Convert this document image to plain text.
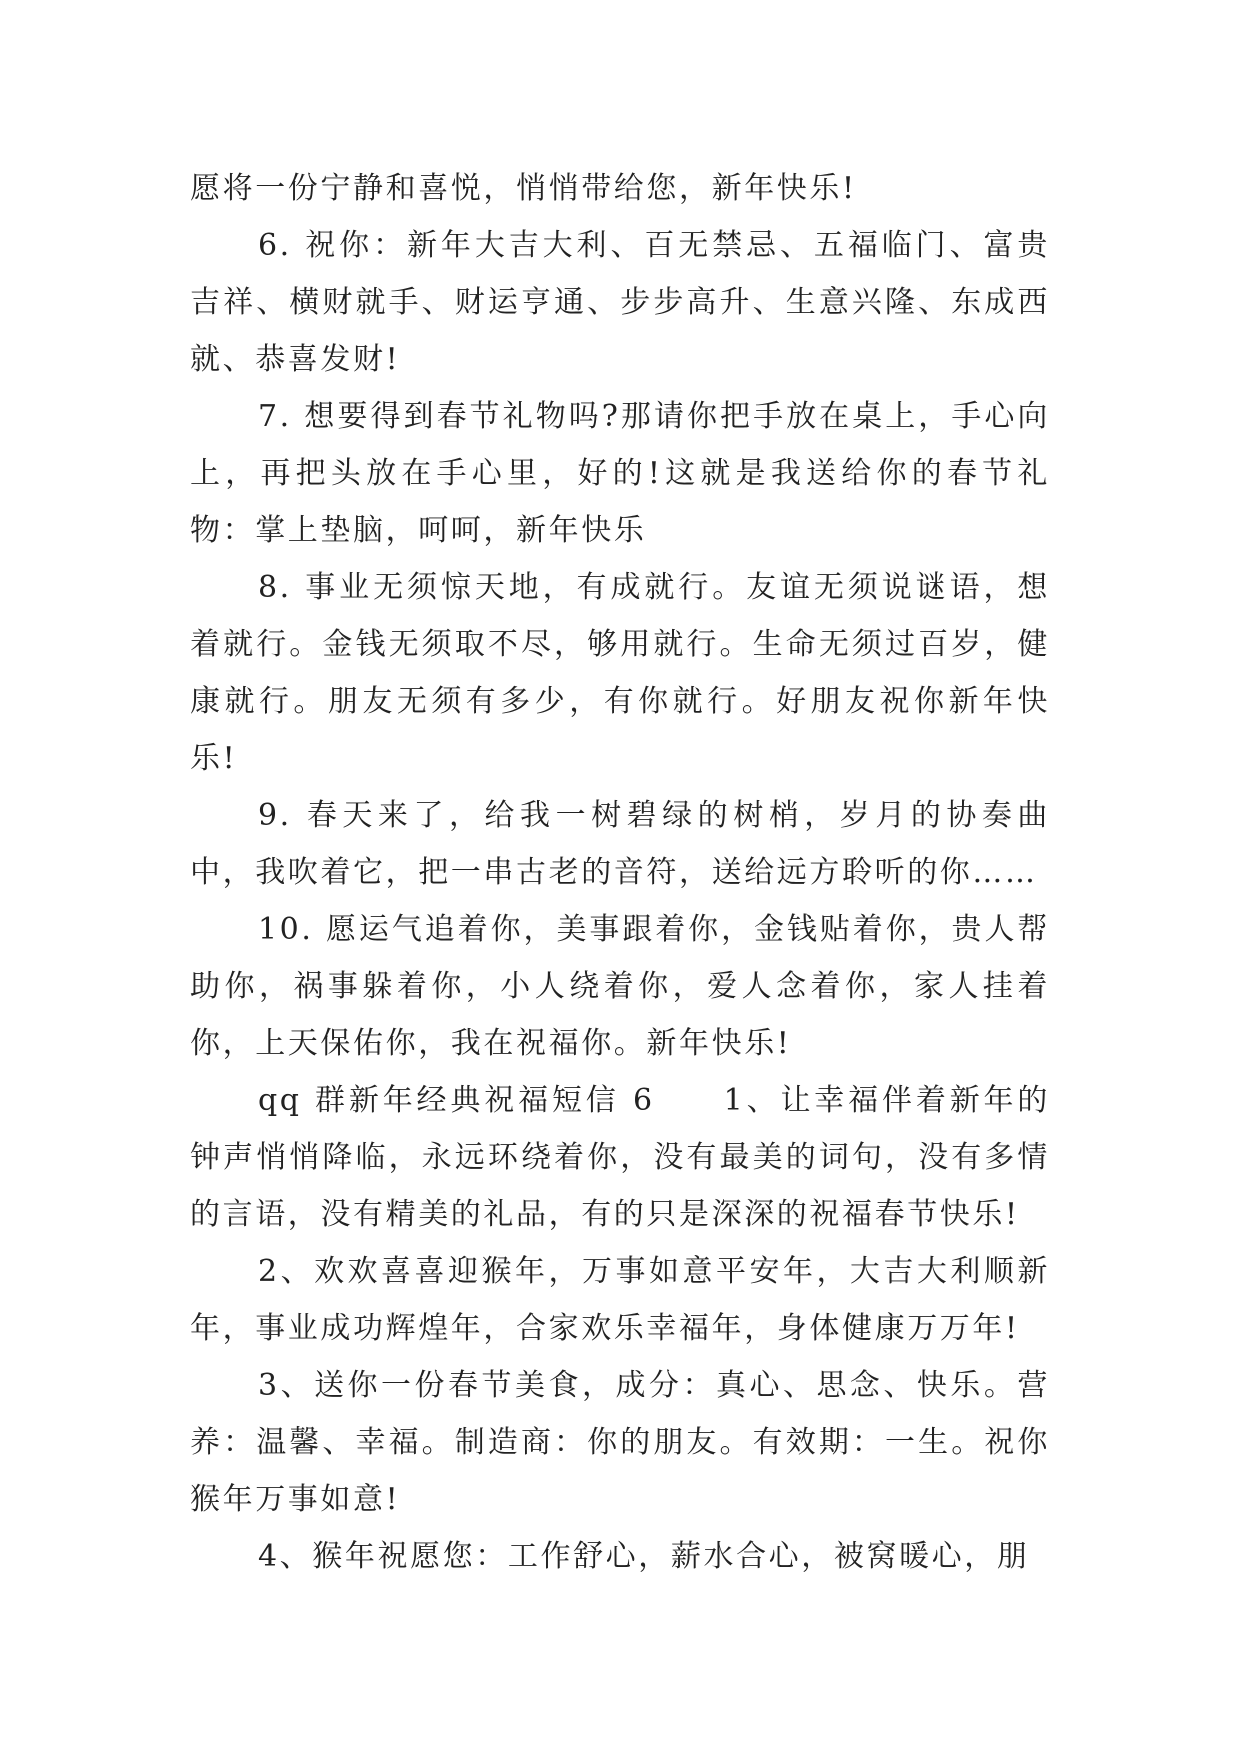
愿将一份宁静和喜悦，悄悄带给您，新年快乐!

6. 祝你：新年大吉大利、百无禁忌、五福临门、富贵吉祥、横财就手、财运亨通、步步高升、生意兴隆、东成西就、恭喜发财!

7. 想要得到春节礼物吗?那请你把手放在桌上，手心向上，再把头放在手心里，好的!这就是我送给你的春节礼物：掌上垫脑，呵呵，新年快乐

8. 事业无须惊天地，有成就行。友谊无须说谜语，想着就行。金钱无须取不尽，够用就行。生命无须过百岁，健康就行。朋友无须有多少，有你就行。好朋友祝你新年快乐!

9. 春天来了，给我一树碧绿的树梢，岁月的协奏曲中，我吹着它，把一串古老的音符，送给远方聆听的你……

10. 愿运气追着你，美事跟着你，金钱贴着你，贵人帮助你，祸事躲着你，小人绕着你，爱人念着你，家人挂着你，上天保佑你，我在祝福你。新年快乐!

qq 群新年经典祝福短信 6　　1、让幸福伴着新年的钟声悄悄降临，永远环绕着你，没有最美的词句，没有多情的言语，没有精美的礼品，有的只是深深的祝福春节快乐!

2、欢欢喜喜迎猴年，万事如意平安年，大吉大利顺新年，事业成功辉煌年，合家欢乐幸福年，身体健康万万年!

3、送你一份春节美食，成分：真心、思念、快乐。营养：温馨、幸福。制造商：你的朋友。有效期：一生。祝你猴年万事如意!

4、猴年祝愿您：工作舒心，薪水合心，被窝暖心，朋
